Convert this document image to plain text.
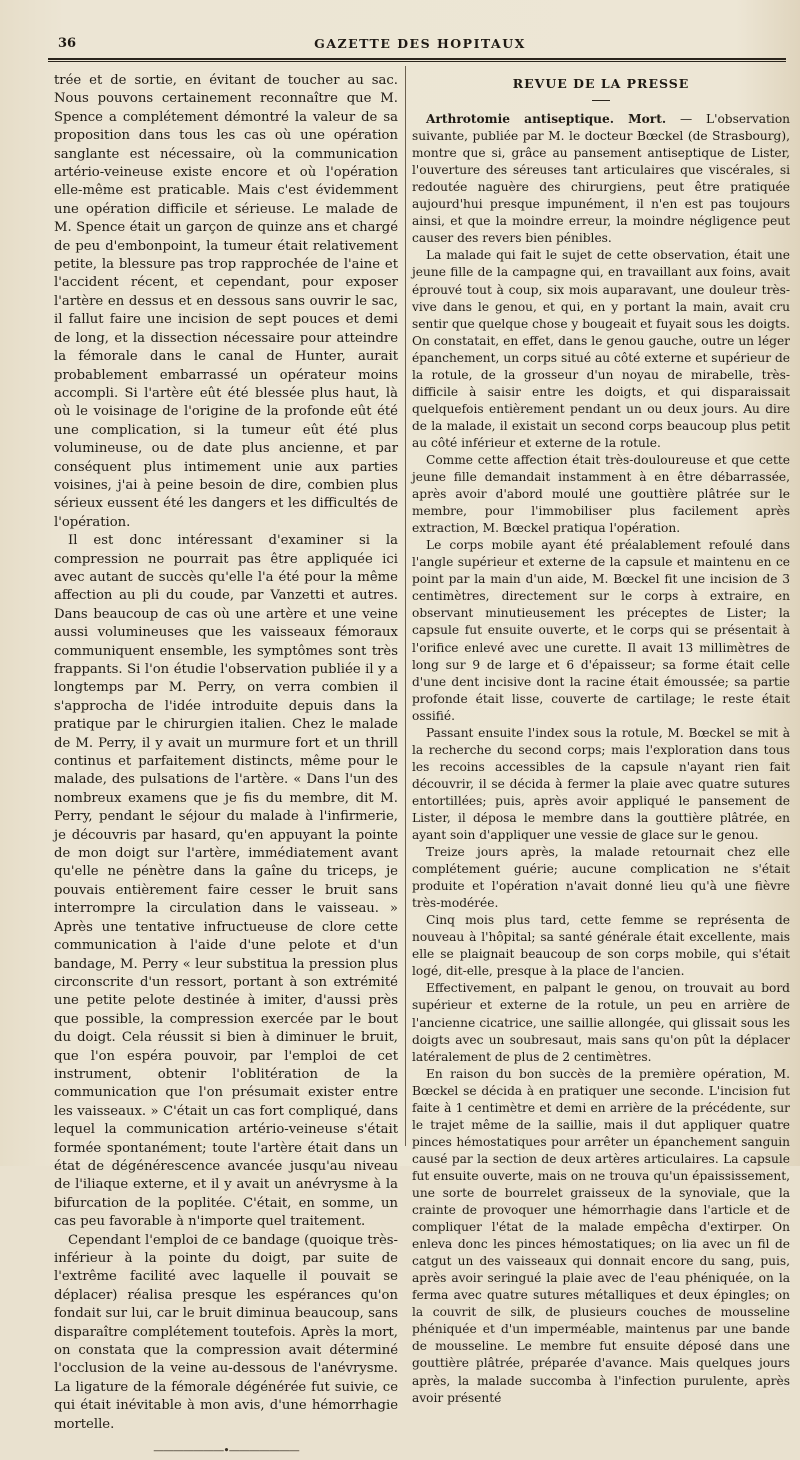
36	GAZETTE DES HOPITAUX

trée et de sortie, en évitant de toucher au sac. Nous pouvons certainement reconnaître que M. Spence a complétement démontré la valeur de sa proposition dans tous les cas où une opération sanglante est nécessaire, où la communication artério-veineuse existe encore et où l'opération elle-même est praticable. Mais c'est évidemment une opération difficile et sérieuse. Le malade de M. Spence était un garçon de quinze ans et chargé de peu d'embonpoint, la tumeur était relativement petite, la blessure pas trop rapprochée de l'aine et l'accident récent, et cependant, pour exposer l'artère en dessus et en dessous sans ouvrir le sac, il fallut faire une incision de sept pouces et demi de long, et la dissection nécessaire pour atteindre la fémorale dans le canal de Hunter, aurait probablement embarrassé un opérateur moins accompli. Si l'artère eût été blessée plus haut, là où le voisinage de l'origine de la profonde eût été une complication, si la tumeur eût été plus volumineuse, ou de date plus ancienne, et par conséquent plus intimement unie aux parties voisines, j'ai à peine besoin de dire, combien plus sérieux eussent été les dangers et les difficultés de l'opération.

Il est donc intéressant d'examiner si la compression ne pourrait pas être appliquée ici avec autant de succès qu'elle l'a été pour la même affection au pli du coude, par Vanzetti et autres. Dans beaucoup de cas où une artère et une veine aussi volumineuses que les vaisseaux fémoraux communiquent ensemble, les symptômes sont très frappants. Si l'on étudie l'observation publiée il y a longtemps par M. Perry, on verra combien il s'approcha de l'idée introduite depuis dans la pratique par le chirurgien italien. Chez le malade de M. Perry, il y avait un murmure fort et un thrill continus et parfaitement distincts, même pour le malade, des pulsations de l'artère. « Dans l'un des nombreux examens que je fis du membre, dit M. Perry, pendant le séjour du malade à l'infirmerie, je découvris par hasard, qu'en appuyant la pointe de mon doigt sur l'artère, immédiatement avant qu'elle ne pénètre dans la gaîne du triceps, je pouvais entièrement faire cesser le bruit sans interrompre la circulation dans le vaisseau. » Après une tentative infructueuse de clore cette communication à l'aide d'une pelote et d'un bandage, M. Perry « leur substitua la pression plus circonscrite d'un ressort, portant à son extrémité une petite pelote destinée à imiter, d'aussi près que possible, la compression exercée par le bout du doigt. Cela réussit si bien à diminuer le bruit, que l'on espéra pouvoir, par l'emploi de cet instrument, obtenir l'oblitération de la communication que l'on présumait exister entre les vaisseaux. » C'était un cas fort compliqué, dans lequel la communication artério-veineuse s'était formée spontanément; toute l'artère était dans un état de dégénérescence avancée jusqu'au niveau de l'iliaque externe, et il y avait un anévrysme à la bifurcation de la poplitée. C'était, en somme, un cas peu favorable à n'importe quel traitement.

Cependant l'emploi de ce bandage (quoique très-inférieur à la pointe du doigt, par suite de l'extrême facilité avec laquelle il pouvait se déplacer) réalisa presque les espérances qu'on fondait sur lui, car le bruit diminua beaucoup, sans disparaître complétement toutefois. Après la mort, on constata que la compression avait déterminé l'occlusion de la veine au-dessous de l'anévrysme. La ligature de la fémorale dégénérée fut suivie, ce qui était inévitable à mon avis, d'une hémorrhagie mortelle.

———————•———————
REVUE DE LA PRESSE

Arthrotomie antiseptique. Mort. — L'observation suivante, publiée par M. le docteur Bœckel (de Strasbourg), montre que si, grâce au pansement antiseptique de Lister, l'ouverture des séreuses tant articulaires que viscérales, si redoutée naguère des chirurgiens, peut être pratiquée aujourd'hui presque impunément, il n'en est pas toujours ainsi, et que la moindre erreur, la moindre négligence peut causer des revers bien pénibles.

La malade qui fait le sujet de cette observation, était une jeune fille de la campagne qui, en travaillant aux foins, avait éprouvé tout à coup, six mois auparavant, une douleur très-vive dans le genou, et qui, en y portant la main, avait cru sentir que quelque chose y bougeait et fuyait sous les doigts. On constatait, en effet, dans le genou gauche, outre un léger épanchement, un corps situé au côté externe et supérieur de la rotule, de la grosseur d'un noyau de mirabelle, très-difficile à saisir entre les doigts, et qui disparaissait quelquefois entièrement pendant un ou deux jours. Au dire de la malade, il existait un second corps beaucoup plus petit au côté inférieur et externe de la rotule.

Comme cette affection était très-douloureuse et que cette jeune fille demandait instamment à en être débarrassée, après avoir d'abord moulé une gouttière plâtrée sur le membre, pour l'immobiliser plus facilement après extraction, M. Bœckel pratiqua l'opération.

Le corps mobile ayant été préalablement refoulé dans l'angle supérieur et externe de la capsule et maintenu en ce point par la main d'un aide, M. Bœckel fit une incision de 3 centimètres, directement sur le corps à extraire, en observant minutieusement les préceptes de Lister; la capsule fut ensuite ouverte, et le corps qui se présentait à l'orifice enlevé avec une curette. Il avait 13 millimètres de long sur 9 de large et 6 d'épaisseur; sa forme était celle d'une dent incisive dont la racine était émoussée; sa partie profonde était lisse, couverte de cartilage; le reste était ossifié.

Passant ensuite l'index sous la rotule, M. Bœckel se mit à la recherche du second corps; mais l'exploration dans tous les recoins accessibles de la capsule n'ayant rien fait découvrir, il se décida à fermer la plaie avec quatre sutures entortillées; puis, après avoir appliqué le pansement de Lister, il déposa le membre dans la gouttière plâtrée, en ayant soin d'appliquer une vessie de glace sur le genou.

Treize jours après, la malade retournait chez elle complétement guérie; aucune complication ne s'était produite et l'opération n'avait donné lieu qu'à une fièvre très-modérée.

Cinq mois plus tard, cette femme se représenta de nouveau à l'hôpital; sa santé générale était excellente, mais elle se plaignait beaucoup de son corps mobile, qui s'était logé, dit-elle, presque à la place de l'ancien.

Effectivement, en palpant le genou, on trouvait au bord supérieur et externe de la rotule, un peu en arrière de l'ancienne cicatrice, une saillie allongée, qui glissait sous les doigts avec un soubresaut, mais sans qu'on pût la déplacer latéralement de plus de 2 centimètres.

En raison du bon succès de la première opération, M. Bœckel se décida à en pratiquer une seconde. L'incision fut faite à 1 centimètre et demi en arrière de la précédente, sur le trajet même de la saillie, mais il dut appliquer quatre pinces hémostatiques pour arrêter un épanchement sanguin causé par la section de deux artères articulaires. La capsule fut ensuite ouverte, mais on ne trouva qu'un épaississement, une sorte de bourrelet graisseux de la synoviale, que la crainte de provoquer une hémorrhagie dans l'article et de compliquer l'état de la malade empêcha d'extirper. On enleva donc les pinces hémostatiques; on lia avec un fil de catgut un des vaisseaux qui donnait encore du sang, puis, après avoir seringué la plaie avec de l'eau phéniquée, on la ferma avec quatre sutures métalliques et deux épingles; on la couvrit de silk, de plusieurs couches de mousseline phéniquée et d'un imperméable, maintenus par une bande de mousseline. Le membre fut ensuite déposé dans une gouttière plâtrée, préparée d'avance. Mais quelques jours après, la malade succomba à l'infection purulente, après avoir présenté
